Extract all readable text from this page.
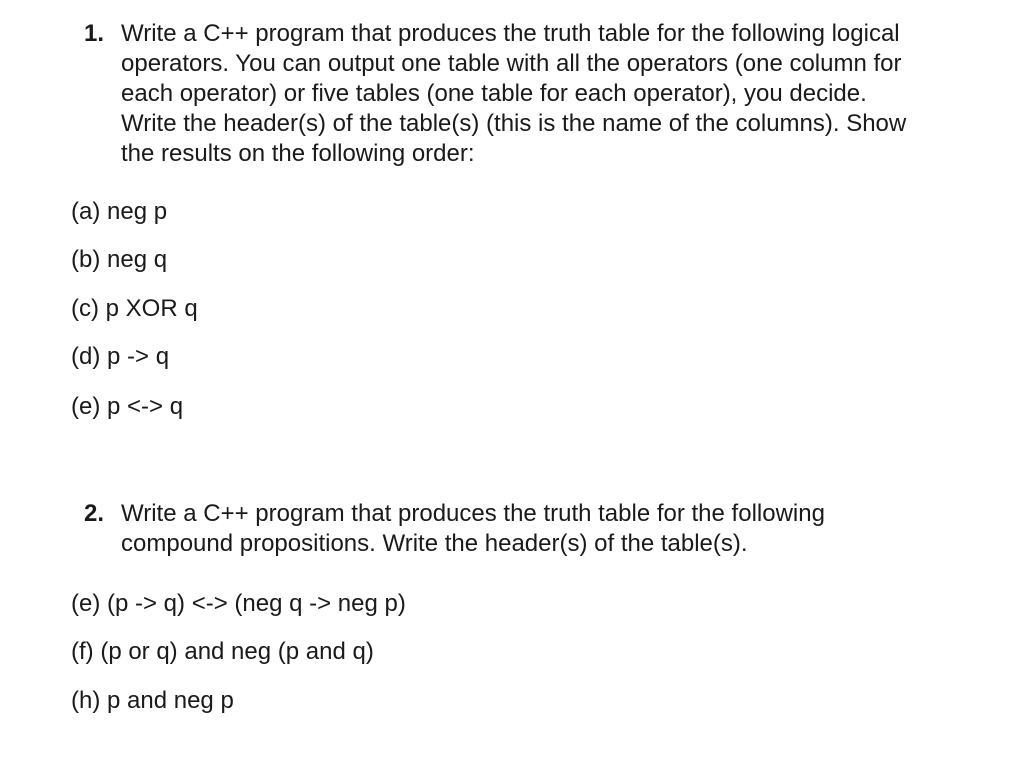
1. Write a C++ program that produces the truth table for the following logical
operators. You can output one table with all the operators (one column for
each operator) or five tables (one table for each operator), you decide.
Write the header(s) of the table(s) (this is the name of the columns). Show
the results on the following order:
(a) neg p
(b) neg q
(c) p XOR q
(d) p -> q
(e) p <-> q
2. Write a C++ program that produces the truth table for the following
compound propositions. Write the header(s) of the table(s).
(e) (p -> q) <-> (neg q -> neg p)
(f) (p or q) and neg (p and q)
(h) p and neg p
